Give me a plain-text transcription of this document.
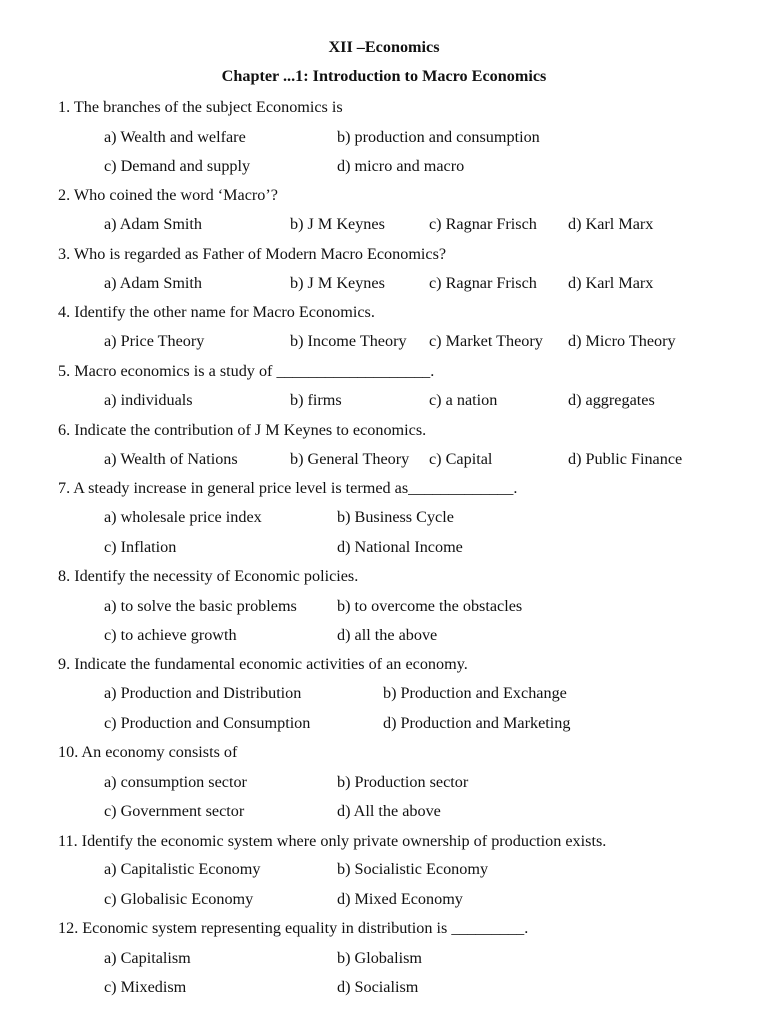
XII –Economics
Chapter ...1: Introduction to Macro Economics
1. The branches of the subject Economics is
a) Wealth and welfare	b) production and consumption
c) Demand and supply	d) micro and macro
2. Who coined the word ‘Macro’?
a) Adam Smith	b) J M Keynes	c) Ragnar Frisch d) Karl Marx
3. Who is regarded as Father of Modern Macro Economics?
a) Adam Smith	b) J M Keynes	c) Ragnar Frisch d) Karl Marx
4. Identify the other name for Macro Economics.
a) Price Theory	b) Income Theory c) Market Theory d) Micro Theory
5. Macro economics is a study of ___________________.
a) individuals	b) firms	c) a nation	d) aggregates
6. Indicate the contribution of J M Keynes to economics.
a) Wealth of Nations	b) General Theory c) Capital	d) Public Finance
7. A steady increase in general price level is termed as_____________.
a) wholesale price index	b) Business Cycle
c) Inflation	d) National Income
8. Identify the necessity of Economic policies.
a) to solve the basic problems b) to overcome the obstacles
c) to achieve growth	d) all the above
9. Indicate the fundamental economic activities of an economy.
a) Production and Distribution	b) Production and Exchange
c) Production and Consumption	d) Production and Marketing
10. An economy consists of
a) consumption sector	b) Production sector
c) Government sector	d) All the above
11. Identify the economic system where only private ownership of production exists.
a) Capitalistic Economy	b) Socialistic Economy
c) Globalisic Economy	d) Mixed Economy
12. Economic system representing equality in distribution is _________.
a) Capitalism	b) Globalism
c) Mixedism	d) Socialism
